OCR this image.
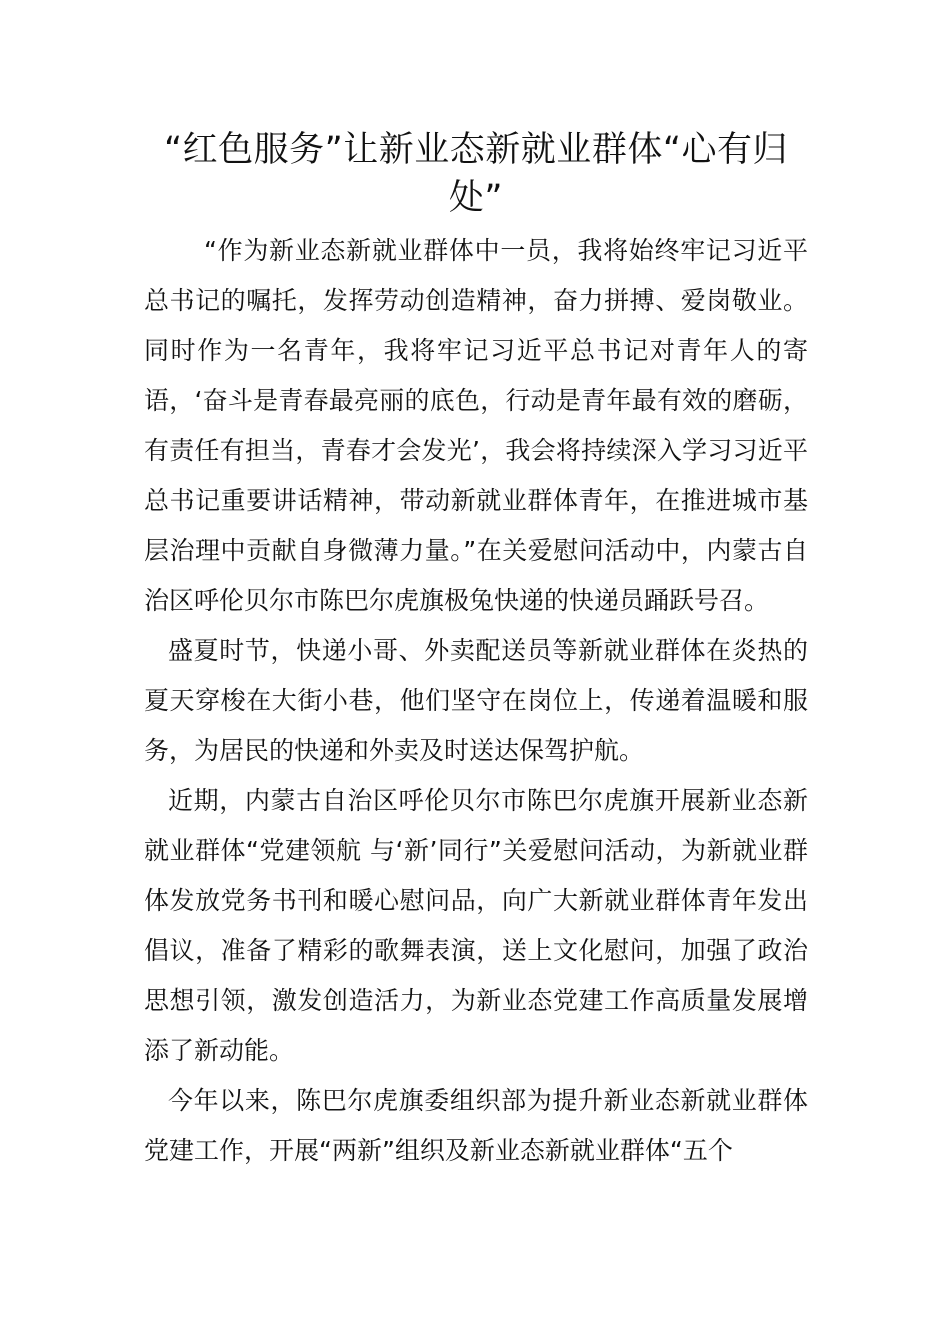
“红色服务”让新业态新就业群体“心有归处”

“作为新业态新就业群体中一员，我将始终牢记习近平总书记的嘱托，发挥劳动创造精神，奋力拼搏、爱岗敬业。同时作为一名青年，我将牢记习近平总书记对青年人的寄语，‘奋斗是青春最亮丽的底色，行动是青年最有效的磨砺，有责任有担当，青春才会发光’，我会将持续深入学习习近平总书记重要讲话精神，带动新就业群体青年，在推进城市基层治理中贡献自身微薄力量。”在关爱慰问活动中，内蒙古自治区呼伦贝尔市陈巴尔虎旗极兔快递的快递员踊跃号召。

盛夏时节，快递小哥、外卖配送员等新就业群体在炎热的夏天穿梭在大街小巷，他们坚守在岗位上，传递着温暖和服务，为居民的快递和外卖及时送达保驾护航。

近期，内蒙古自治区呼伦贝尔市陈巴尔虎旗开展新业态新就业群体“党建领航 与‘新’同行”关爱慰问活动，为新就业群体发放党务书刊和暖心慰问品，向广大新就业群体青年发出倡议，准备了精彩的歌舞表演，送上文化慰问，加强了政治思想引领，激发创造活力，为新业态党建工作高质量发展增添了新动能。

今年以来，陈巴尔虎旗委组织部为提升新业态新就业群体党建工作，开展“两新”组织及新业态新就业群体“五个
